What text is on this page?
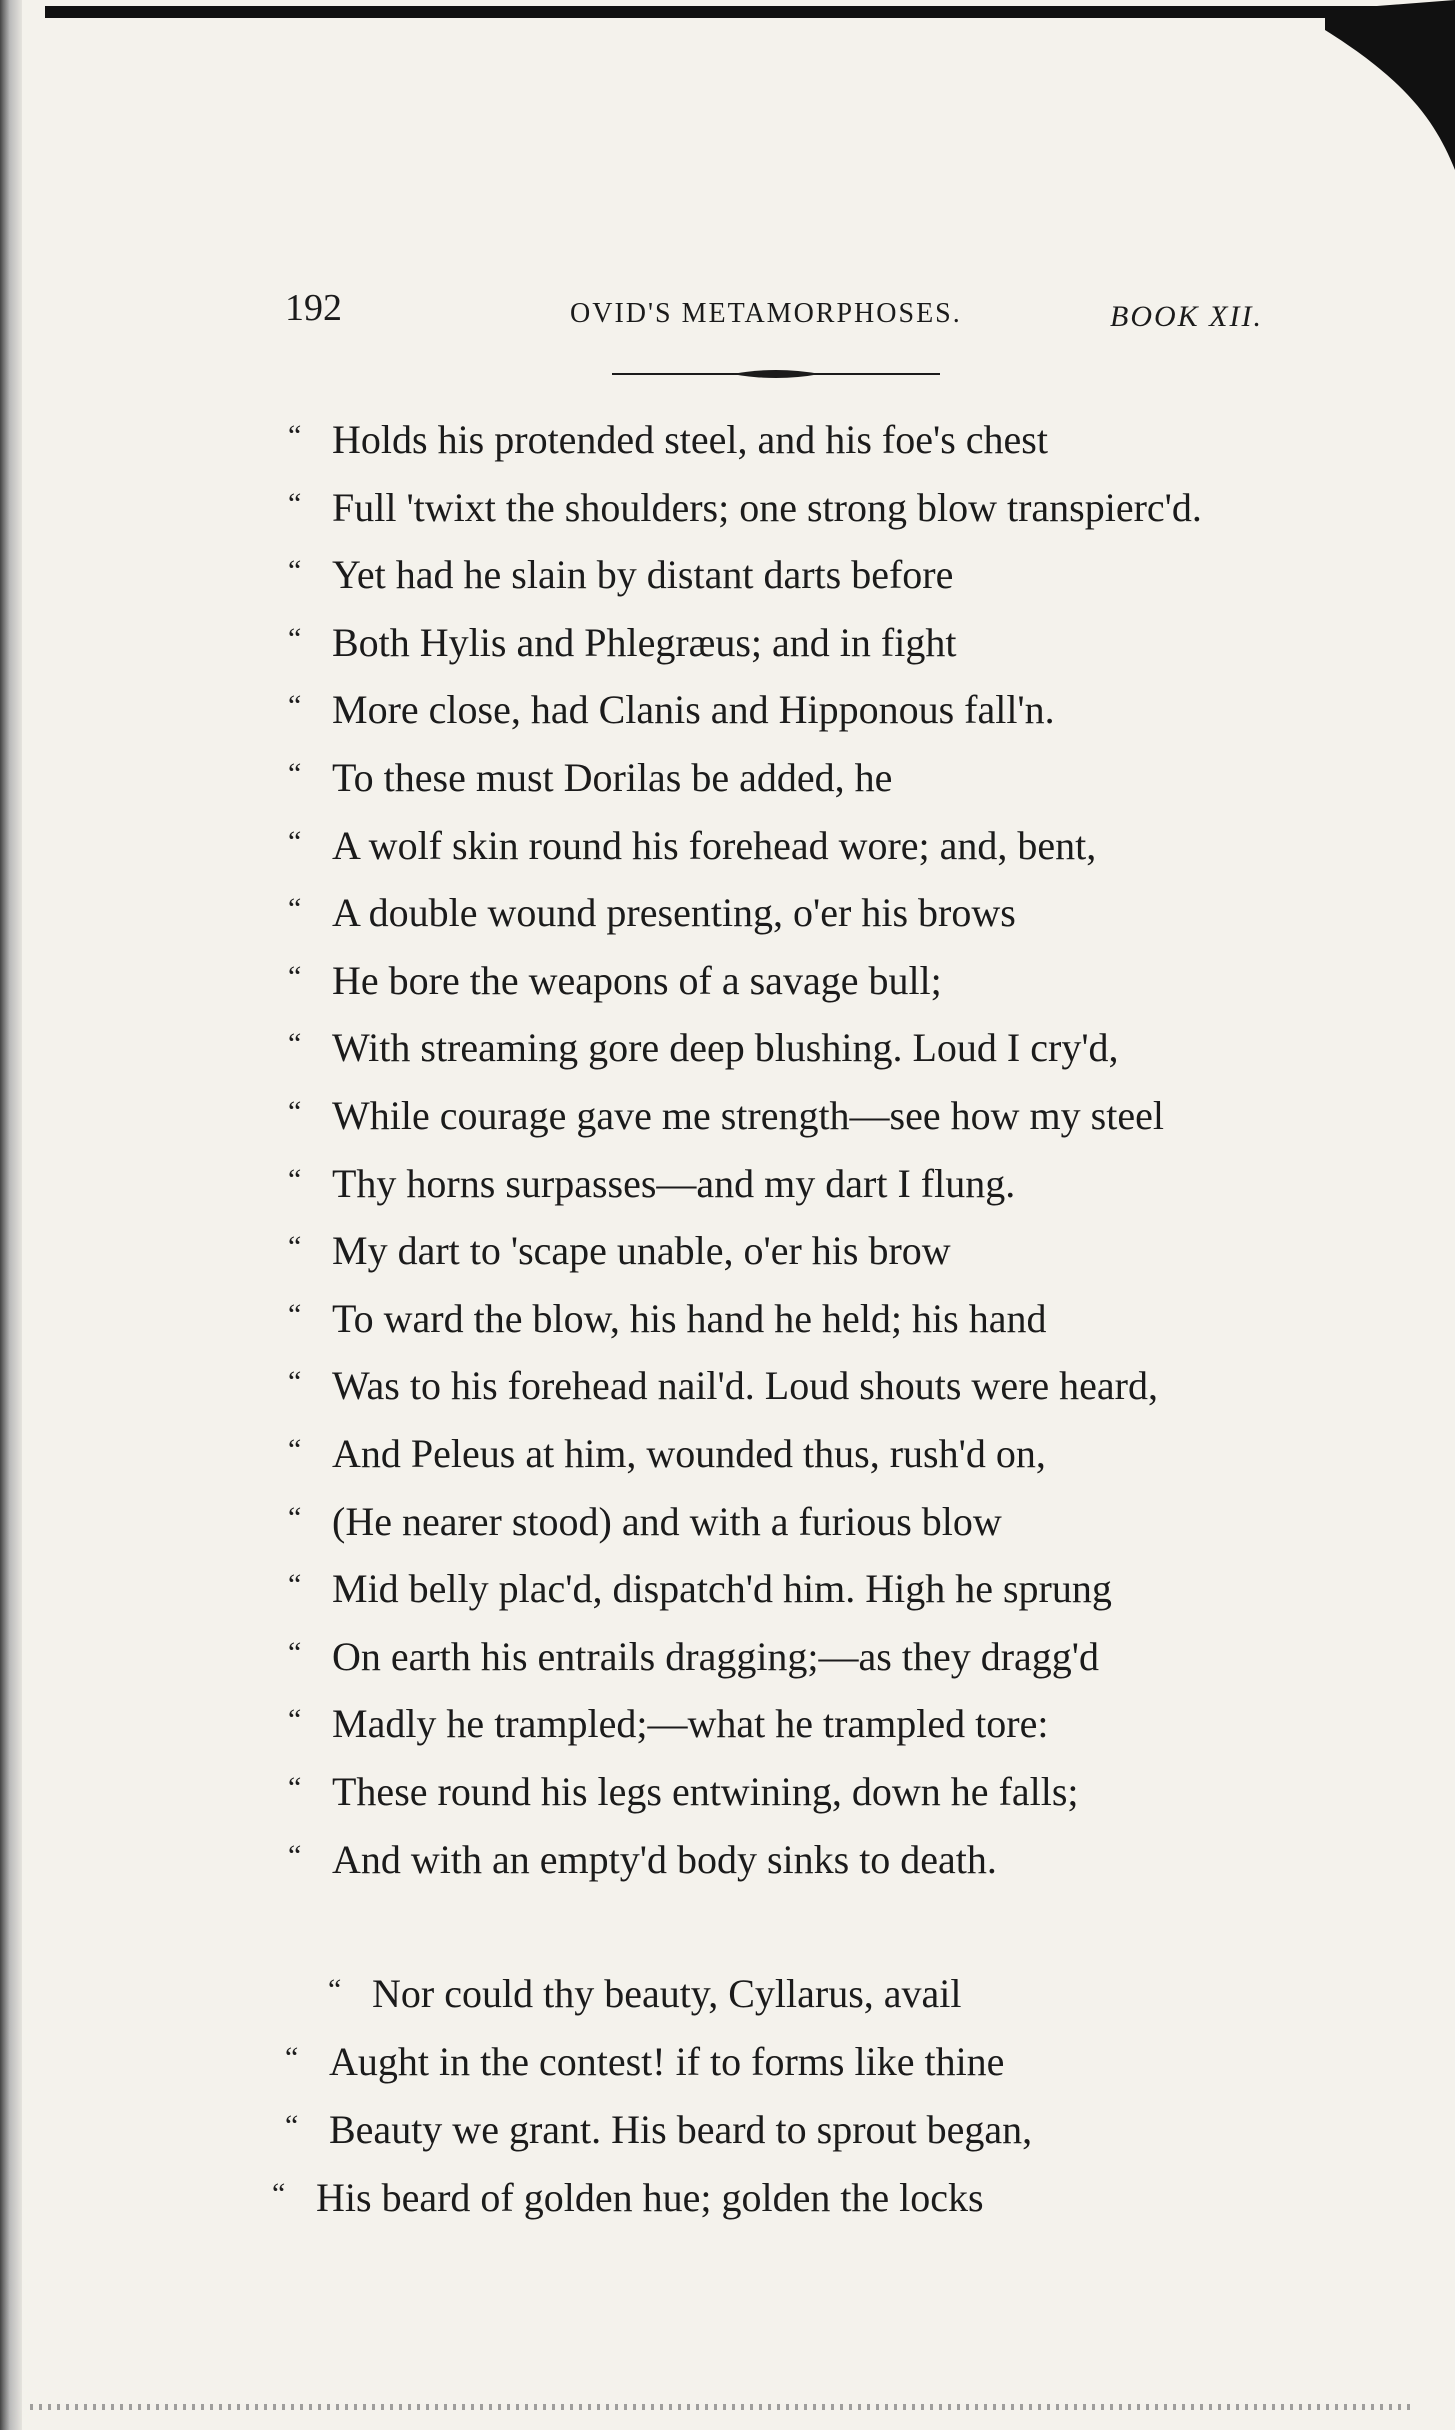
192	OVID'S METAMORPHOSES.	BOOK XII.
“ Holds his protended steel, and his foe's chest
“ Full 'twixt the shoulders; one strong blow transpierc'd.
“ Yet had he slain by distant darts before
“ Both Hylis and Phlegræus; and in fight
“ More close, had Clanis and Hipponous fall'n.
“ To these must Dorilas be added, he
“ A wolf skin round his forehead wore; and, bent,
“ A double wound presenting, o'er his brows
“ He bore the weapons of a savage bull;
“ With streaming gore deep blushing. Loud I cry'd,
“ While courage gave me strength—see how my steel
“ Thy horns surpasses—and my dart I flung.
“ My dart to 'scape unable, o'er his brow
“ To ward the blow, his hand he held; his hand
“ Was to his forehead nail'd. Loud shouts were heard,
“ And Peleus at him, wounded thus, rush'd on,
“ (He nearer stood) and with a furious blow
“ Mid belly plac'd, dispatch'd him. High he sprung
“ On earth his entrails dragging;—as they dragg'd
“ Madly he trampled;—what he trampled tore:
“ These round his legs entwining, down he falls;
“ And with an empty'd body sinks to death.
“ Nor could thy beauty, Cyllarus, avail
“ Aught in the contest! if to forms like thine
“ Beauty we grant. His beard to sprout began,
“ His beard of golden hue; golden the locks
